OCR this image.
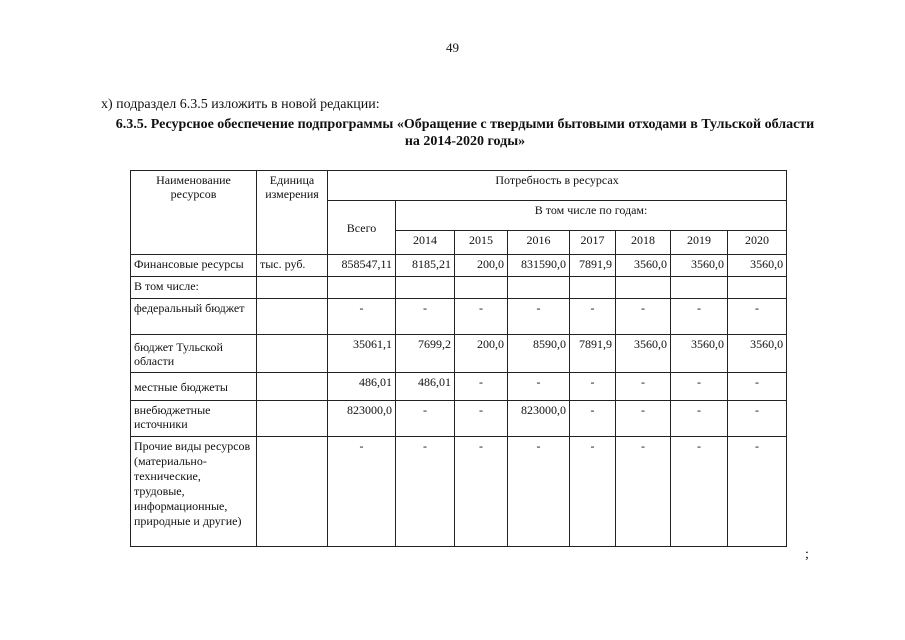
49
х) подраздел 6.3.5 изложить в новой редакции:
6.3.5. Ресурсное обеспечение подпрограммы «Обращение с твердыми бытовыми отходами в Тульской области
на 2014-2020 годы»
Наименование ресурсов	Единица измерения	Потребность в ресурсах							
		Всего	В том числе по годам:						
			2014	2015	2016	2017	2018	2019	2020
Финансовые ресурсы	тыс. руб.	858547,11	8185,21	200,0	831590,0	7891,9	3560,0	3560,0	3560,0
В том числе:									
федеральный бюджет		-	-	-	-	-	-	-	-
бюджет Тульской области		35061,1	7699,2	200,0	8590,0	7891,9	3560,0	3560,0	3560,0
местные бюджеты		486,01	486,01	-	-	-	-	-	-
внебюджетные источники		823000,0	-	-	823000,0	-	-	-	-
Прочие виды ресурсов (материально-технические, трудовые, информационные, природные и другие)		-	-	-	-	-	-	-	-
;
